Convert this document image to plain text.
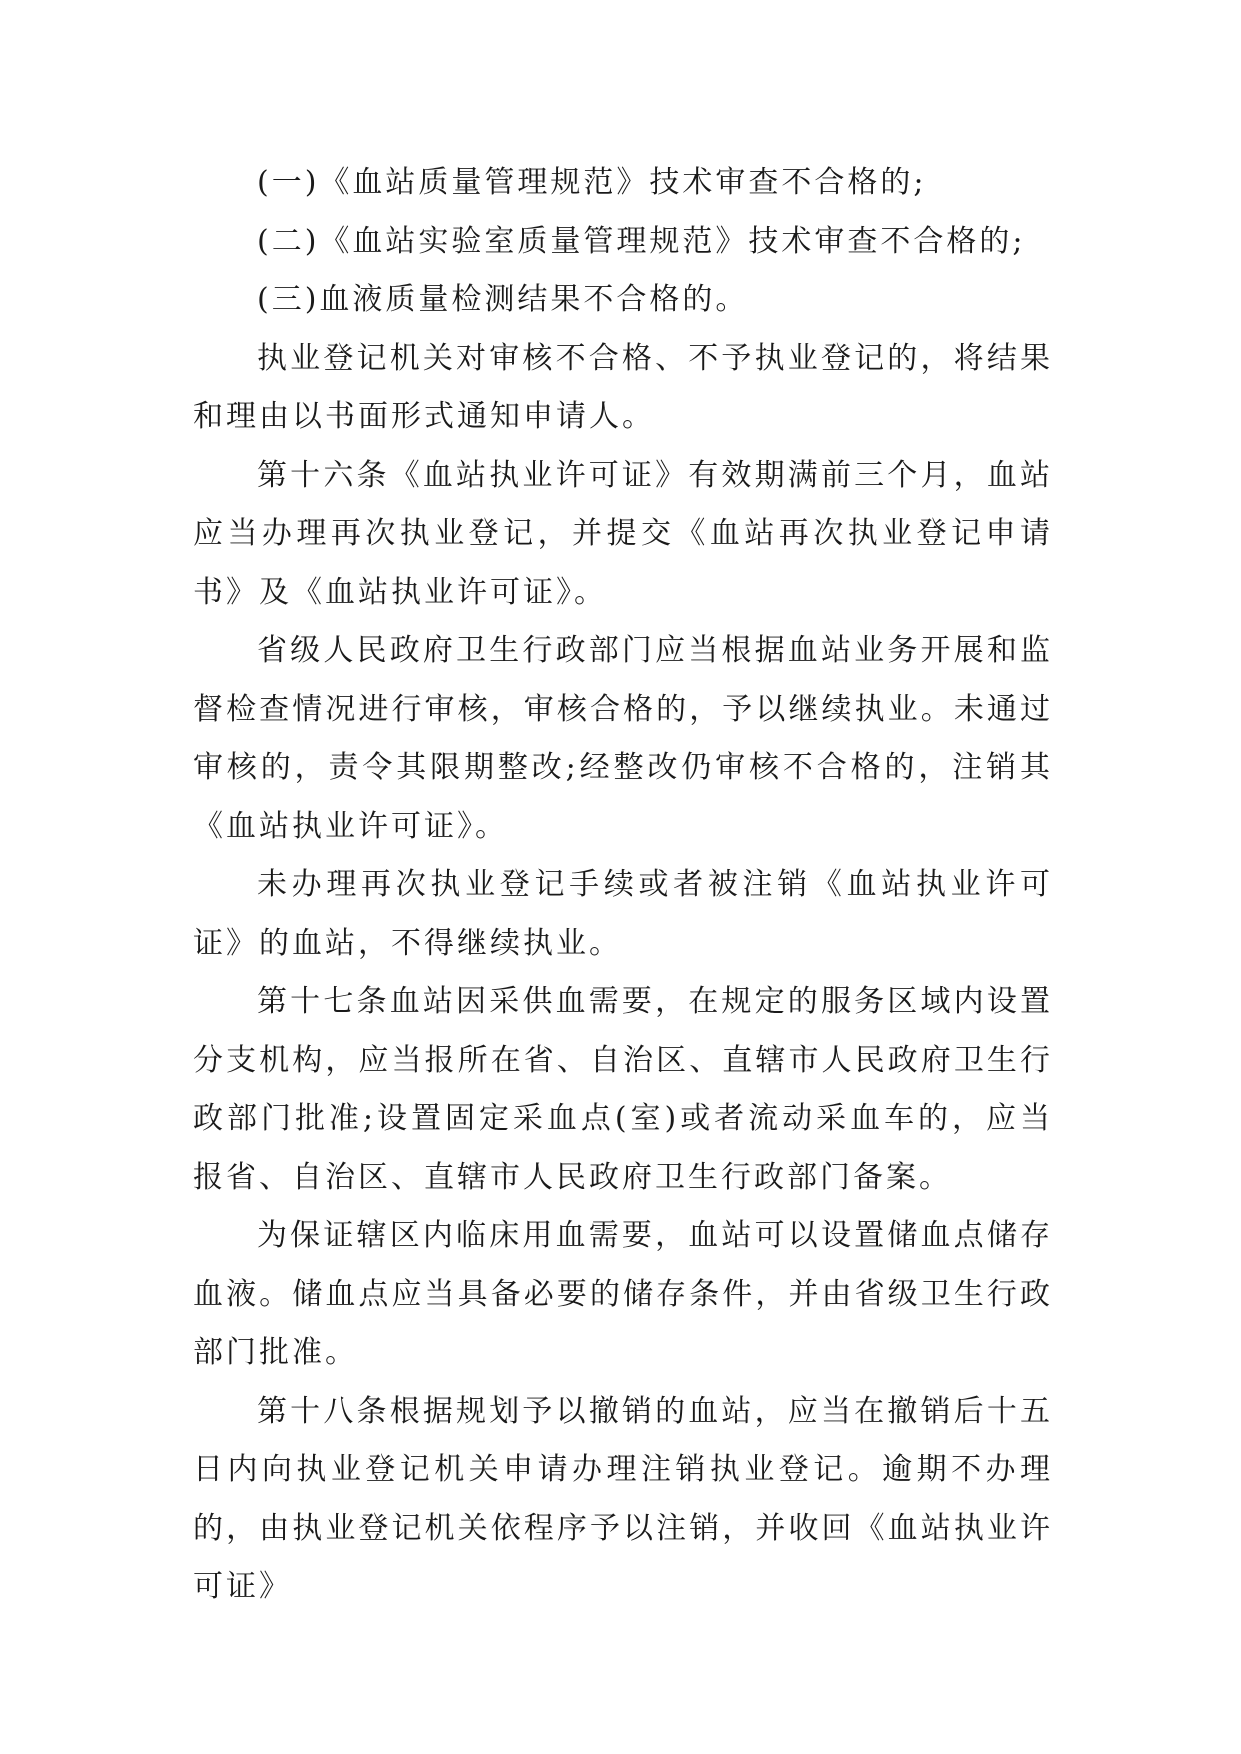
(一)《血站质量管理规范》技术审查不合格的;

(二)《血站实验室质量管理规范》技术审查不合格的;

(三)血液质量检测结果不合格的。

执业登记机关对审核不合格、不予执业登记的，将结果和理由以书面形式通知申请人。

第十六条《血站执业许可证》有效期满前三个月，血站应当办理再次执业登记，并提交《血站再次执业登记申请书》及《血站执业许可证》。

省级人民政府卫生行政部门应当根据血站业务开展和监督检查情况进行审核，审核合格的，予以继续执业。未通过审核的，责令其限期整改;经整改仍审核不合格的，注销其《血站执业许可证》。

未办理再次执业登记手续或者被注销《血站执业许可证》的血站，不得继续执业。

第十七条血站因采供血需要，在规定的服务区域内设置分支机构，应当报所在省、自治区、直辖市人民政府卫生行政部门批准;设置固定采血点(室)或者流动采血车的，应当报省、自治区、直辖市人民政府卫生行政部门备案。

为保证辖区内临床用血需要，血站可以设置储血点储存血液。储血点应当具备必要的储存条件，并由省级卫生行政部门批准。

第十八条根据规划予以撤销的血站，应当在撤销后十五日内向执业登记机关申请办理注销执业登记。逾期不办理的，由执业登记机关依程序予以注销，并收回《血站执业许可证》
